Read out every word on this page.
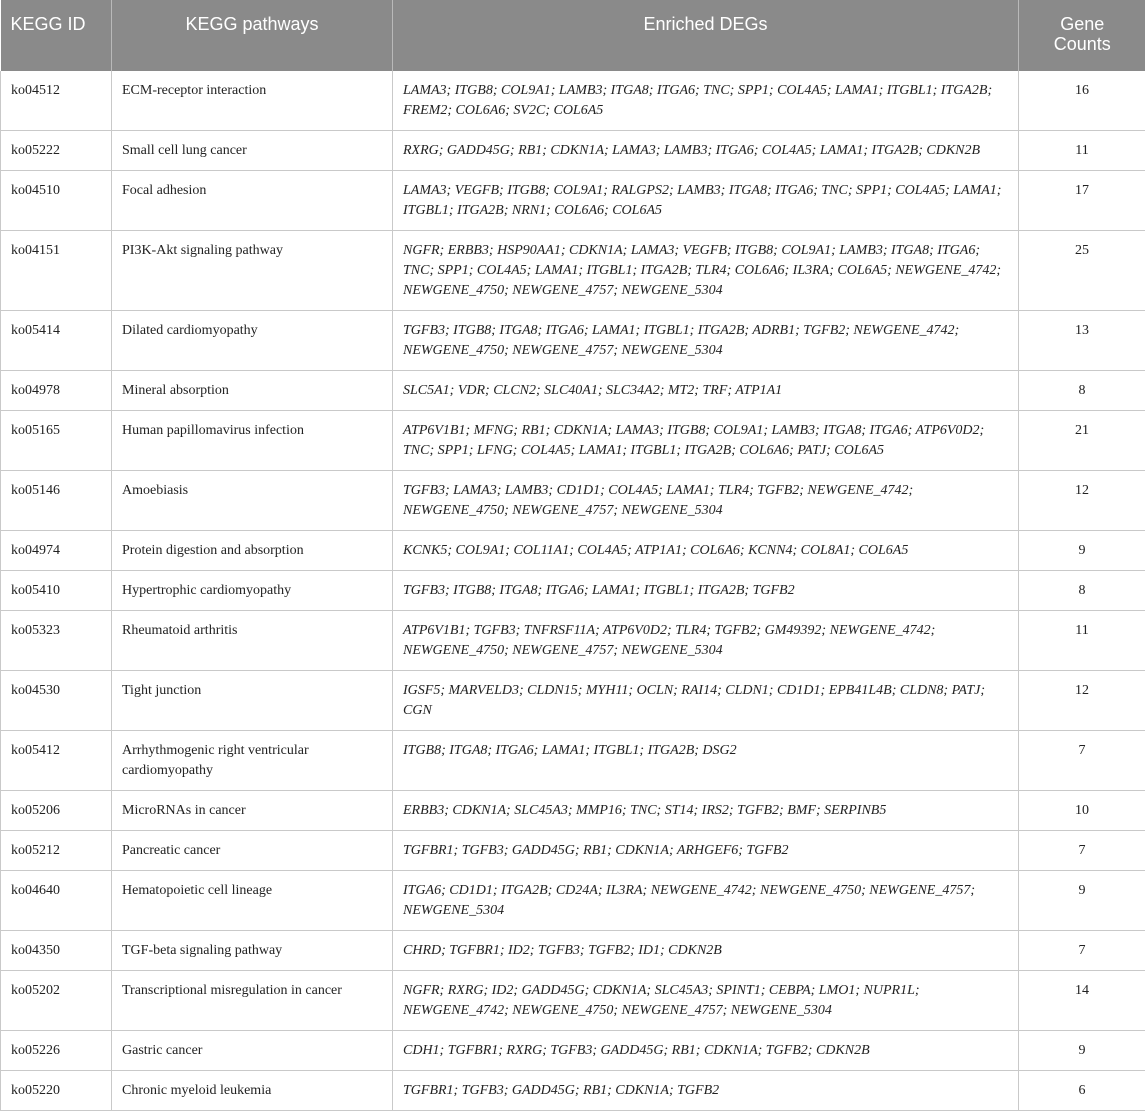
KEGG ID	KEGG pathways	Enriched DEGs	Gene
Counts

ko04512	ECM-receptor interaction	LAMA3; ITGB8; COL9A1; LAMB3; ITGA8; ITGA6; TNC; SPP1; COL4A5; LAMA1; ITGBL1; ITGA2B; FREM2; COL6A6; SV2C; COL6A5	16
ko05222	Small cell lung cancer	RXRG; GADD45G; RB1; CDKN1A; LAMA3; LAMB3; ITGA6; COL4A5; LAMA1; ITGA2B; CDKN2B	11
ko04510	Focal adhesion	LAMA3; VEGFB; ITGB8; COL9A1; RALGPS2; LAMB3; ITGA8; ITGA6; TNC; SPP1; COL4A5; LAMA1; ITGBL1; ITGA2B; NRN1; COL6A6; COL6A5	17
ko04151	PI3K-Akt signaling pathway	NGFR; ERBB3; HSP90AA1; CDKN1A; LAMA3; VEGFB; ITGB8; COL9A1; LAMB3; ITGA8; ITGA6; TNC; SPP1; COL4A5; LAMA1; ITGBL1; ITGA2B; TLR4; COL6A6; IL3RA; COL6A5; NEWGENE_4742; NEWGENE_4750; NEWGENE_4757; NEWGENE_5304	25
ko05414	Dilated cardiomyopathy	TGFB3; ITGB8; ITGA8; ITGA6; LAMA1; ITGBL1; ITGA2B; ADRB1; TGFB2; NEWGENE_4742; NEWGENE_4750; NEWGENE_4757; NEWGENE_5304	13
ko04978	Mineral absorption	SLC5A1; VDR; CLCN2; SLC40A1; SLC34A2; MT2; TRF; ATP1A1	8
ko05165	Human papillomavirus infection	ATP6V1B1; MFNG; RB1; CDKN1A; LAMA3; ITGB8; COL9A1; LAMB3; ITGA8; ITGA6; ATP6V0D2; TNC; SPP1; LFNG; COL4A5; LAMA1; ITGBL1; ITGA2B; COL6A6; PATJ; COL6A5	21
ko05146	Amoebiasis	TGFB3; LAMA3; LAMB3; CD1D1; COL4A5; LAMA1; TLR4; TGFB2; NEWGENE_4742; NEWGENE_4750; NEWGENE_4757; NEWGENE_5304	12
ko04974	Protein digestion and absorption	KCNK5; COL9A1; COL11A1; COL4A5; ATP1A1; COL6A6; KCNN4; COL8A1; COL6A5	9
ko05410	Hypertrophic cardiomyopathy	TGFB3; ITGB8; ITGA8; ITGA6; LAMA1; ITGBL1; ITGA2B; TGFB2	8
ko05323	Rheumatoid arthritis	ATP6V1B1; TGFB3; TNFRSF11A; ATP6V0D2; TLR4; TGFB2; GM49392; NEWGENE_4742; NEWGENE_4750; NEWGENE_4757; NEWGENE_5304	11
ko04530	Tight junction	IGSF5; MARVELD3; CLDN15; MYH11; OCLN; RAI14; CLDN1; CD1D1; EPB41L4B; CLDN8; PATJ; CGN	12
ko05412	Arrhythmogenic right ventricular cardiomyopathy	ITGB8; ITGA8; ITGA6; LAMA1; ITGBL1; ITGA2B; DSG2	7
ko05206	MicroRNAs in cancer	ERBB3; CDKN1A; SLC45A3; MMP16; TNC; ST14; IRS2; TGFB2; BMF; SERPINB5	10
ko05212	Pancreatic cancer	TGFBR1; TGFB3; GADD45G; RB1; CDKN1A; ARHGEF6; TGFB2	7
ko04640	Hematopoietic cell lineage	ITGA6; CD1D1; ITGA2B; CD24A; IL3RA; NEWGENE_4742; NEWGENE_4750; NEWGENE_4757; NEWGENE_5304	9
ko04350	TGF-beta signaling pathway	CHRD; TGFBR1; ID2; TGFB3; TGFB2; ID1; CDKN2B	7
ko05202	Transcriptional misregulation in cancer	NGFR; RXRG; ID2; GADD45G; CDKN1A; SLC45A3; SPINT1; CEBPA; LMO1; NUPR1L; NEWGENE_4742; NEWGENE_4750; NEWGENE_4757; NEWGENE_5304	14
ko05226	Gastric cancer	CDH1; TGFBR1; RXRG; TGFB3; GADD45G; RB1; CDKN1A; TGFB2; CDKN2B	9
ko05220	Chronic myeloid leukemia	TGFBR1; TGFB3; GADD45G; RB1; CDKN1A; TGFB2	6
